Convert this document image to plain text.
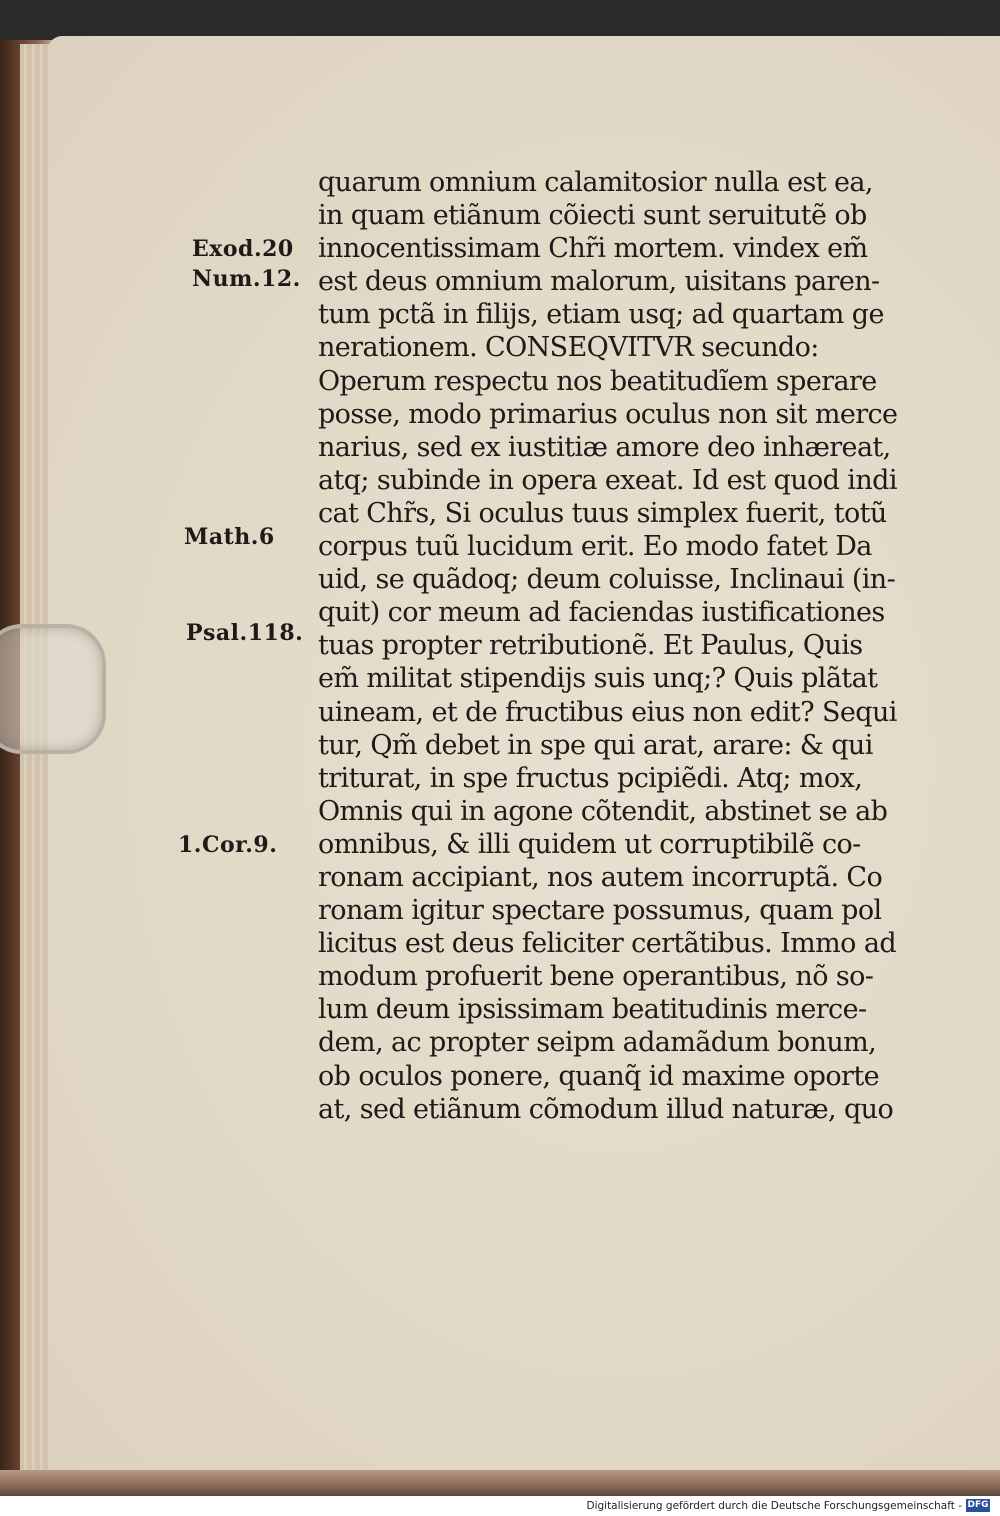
Exod.20
Num.12.
Math.6
Psal.118.
1.Cor.9.
quarum omnium calamitosior nulla est ea,
in quam etiãnum cõiecti sunt seruitutẽ ob
innocentissimam Chr̃i mortem. vindex em̃
est deus omnium malorum, uisitans paren-
tum pctã in filijs, etiam usq; ad quartam ge
nerationem. CONSEQVITVR secundo:
Operum respectu nos beatitudĩem sperare
posse, modo primarius oculus non sit merce
narius, sed ex iustitiæ amore deo inhæreat,
atq; subinde in opera exeat. Id est quod indi
cat Chr̃s, Si oculus tuus simplex fuerit, totũ
corpus tuũ lucidum erit. Eo modo fatet Da
uid, se quãdoq; deum coluisse, Inclinaui (in-
quit) cor meum ad faciendas iustificationes
tuas propter retributionẽ. Et Paulus, Quis
em̃ militat stipendijs suis unq;? Quis plãtat
uineam, et de fructibus eius non edit? Sequi
tur, Qm̃ debet in spe qui arat, arare: & qui
triturat, in spe fructus pcipiẽdi. Atq; mox,
Omnis qui in agone cõtendit, abstinet se ab
omnibus, & illi quidem ut corruptibilẽ co-
ronam accipiant, nos autem incorruptã. Co
ronam igitur spectare possumus, quam pol
licitus est deus feliciter certãtibus. Immo ad
modum profuerit bene operantibus, nõ so-
lum deum ipsissimam beatitudinis merce-
dem, ac propter seipm adamãdum bonum,
ob oculos ponere, quanq̃ id maxime oporte
at, sed etiãnum cõmodum illud naturæ, quo
Digitalisierung gefördert durch die Deutsche Forschungsgemeinschaft - DFG
